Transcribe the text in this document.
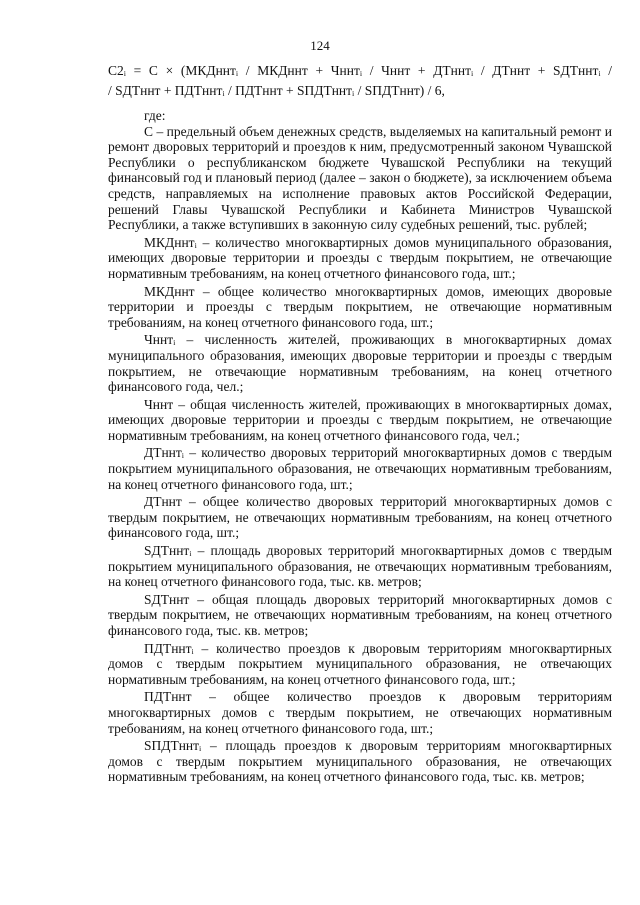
124
C2ᵢ = C × (МКДннтᵢ / МКДннт + Чннтᵢ / Чннт + ДТннтᵢ / ДТннт + SДТннтᵢ /
/ SДТннт + ПДТннтᵢ / ПДТннт + SПДТннтᵢ / SПДТннт) / 6,

где:

С – предельный объем денежных средств, выделяемых на капитальный ремонт и ремонт дворовых территорий и проездов к ним, предусмотренный законом Чувашской Республики о республиканском бюджете Чувашской Республики на текущий финансовый год и плановый период (далее – закон о бюджете), за исключением объема средств, направляемых на исполнение правовых актов Российской Федерации, решений Главы Чувашской Республики и Кабинета Министров Чувашской Республики, а также вступивших в законную силу судебных решений, тыс. рублей;

МКДннтᵢ – количество многоквартирных домов муниципального образования, имеющих дворовые территории и проезды с твердым покрытием, не отвечающие нормативным требованиям, на конец отчетного финансового года, шт.;

МКДннт – общее количество многоквартирных домов, имеющих дворовые территории и проезды с твердым покрытием, не отвечающие нормативным требованиям, на конец отчетного финансового года, шт.;

Чннтᵢ – численность жителей, проживающих в многоквартирных домах муниципального образования, имеющих дворовые территории и проезды с твердым покрытием, не отвечающие нормативным требованиям, на конец отчетного финансового года, чел.;

Чннт – общая численность жителей, проживающих в многоквартирных домах, имеющих дворовые территории и проезды с твердым покрытием, не отвечающие нормативным требованиям, на конец отчетного финансового года, чел.;

ДТннтᵢ – количество дворовых территорий многоквартирных домов с твердым покрытием муниципального образования, не отвечающих нормативным требованиям, на конец отчетного финансового года, шт.;

ДТннт – общее количество дворовых территорий многоквартирных домов с твердым покрытием, не отвечающих нормативным требованиям, на конец отчетного финансового года, шт.;

SДТннтᵢ – площадь дворовых территорий многоквартирных домов с твердым покрытием муниципального образования, не отвечающих нормативным требованиям, на конец отчетного финансового года, тыс. кв. метров;

SДТннт – общая площадь дворовых территорий многоквартирных домов с твердым покрытием, не отвечающих нормативным требованиям, на конец отчетного финансового года, тыс. кв. метров;

ПДТннтᵢ – количество проездов к дворовым территориям многоквартирных домов с твердым покрытием муниципального образования, не отвечающих нормативным требованиям, на конец отчетного финансового года, шт.;

ПДТннт – общее количество проездов к дворовым территориям многоквартирных домов с твердым покрытием, не отвечающих нормативным требованиям, на конец отчетного финансового года, шт.;

SПДТннтᵢ – площадь проездов к дворовым территориям многоквартирных домов с твердым покрытием муниципального образования, не отвечающих нормативным требованиям, на конец отчетного финансового года, тыс. кв. метров;
